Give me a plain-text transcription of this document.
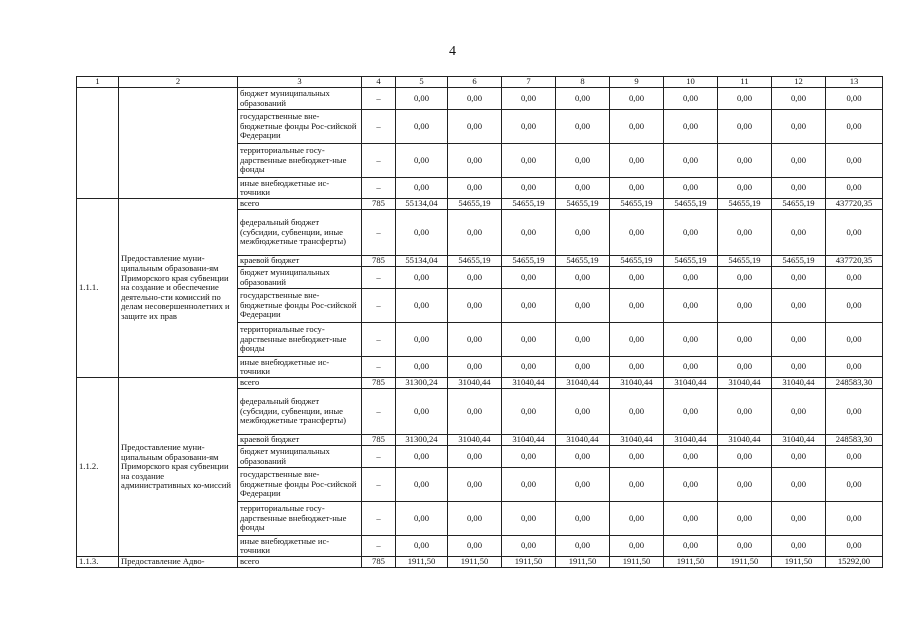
4
1	2	3	4	5	6	7	8	9	10	11	12	13
		бюджет муниципальных образований	–	0,00	0,00	0,00	0,00	0,00	0,00	0,00	0,00	0,00
		государственные вне-бюджетные фонды Рос-сийской Федерации	–	0,00	0,00	0,00	0,00	0,00	0,00	0,00	0,00	0,00
		территориальные госу-дарственные внебюджет-ные фонды	–	0,00	0,00	0,00	0,00	0,00	0,00	0,00	0,00	0,00
		иные внебюджетные ис-точники	–	0,00	0,00	0,00	0,00	0,00	0,00	0,00	0,00	0,00
1.1.1.	Предоставление муни-ципальным образовани-ям Приморского края субвенции на создание и обеспечение деятельно-сти комиссий по делам несовершеннолетних и защите их прав	всего	785	55134,04	54655,19	54655,19	54655,19	54655,19	54655,19	54655,19	54655,19	437720,35
		федеральный бюджет (субсидии, субвенции, иные межбюджетные трансферты)	–	0,00	0,00	0,00	0,00	0,00	0,00	0,00	0,00	0,00
		краевой бюджет	785	55134,04	54655,19	54655,19	54655,19	54655,19	54655,19	54655,19	54655,19	437720,35
		бюджет муниципальных образований	–	0,00	0,00	0,00	0,00	0,00	0,00	0,00	0,00	0,00
		государственные вне-бюджетные фонды Рос-сийской Федерации	–	0,00	0,00	0,00	0,00	0,00	0,00	0,00	0,00	0,00
		территориальные госу-дарственные внебюджет-ные фонды	–	0,00	0,00	0,00	0,00	0,00	0,00	0,00	0,00	0,00
		иные внебюджетные ис-точники	–	0,00	0,00	0,00	0,00	0,00	0,00	0,00	0,00	0,00
1.1.2.	Предоставление муни-ципальным образовани-ям Приморского края субвенции на создание административных ко-миссий	всего	785	31300,24	31040,44	31040,44	31040,44	31040,44	31040,44	31040,44	31040,44	248583,30
		федеральный бюджет (субсидии, субвенции, иные межбюджетные трансферты)	–	0,00	0,00	0,00	0,00	0,00	0,00	0,00	0,00	0,00
		краевой бюджет	785	31300,24	31040,44	31040,44	31040,44	31040,44	31040,44	31040,44	31040,44	248583,30
		бюджет муниципальных образований	–	0,00	0,00	0,00	0,00	0,00	0,00	0,00	0,00	0,00
		государственные вне-бюджетные фонды Рос-сийской Федерации	–	0,00	0,00	0,00	0,00	0,00	0,00	0,00	0,00	0,00
		территориальные госу-дарственные внебюджет-ные фонды	–	0,00	0,00	0,00	0,00	0,00	0,00	0,00	0,00	0,00
		иные внебюджетные ис-точники	–	0,00	0,00	0,00	0,00	0,00	0,00	0,00	0,00	0,00
1.1.3.	Предоставление Адво-	всего	785	1911,50	1911,50	1911,50	1911,50	1911,50	1911,50	1911,50	1911,50	15292,00
